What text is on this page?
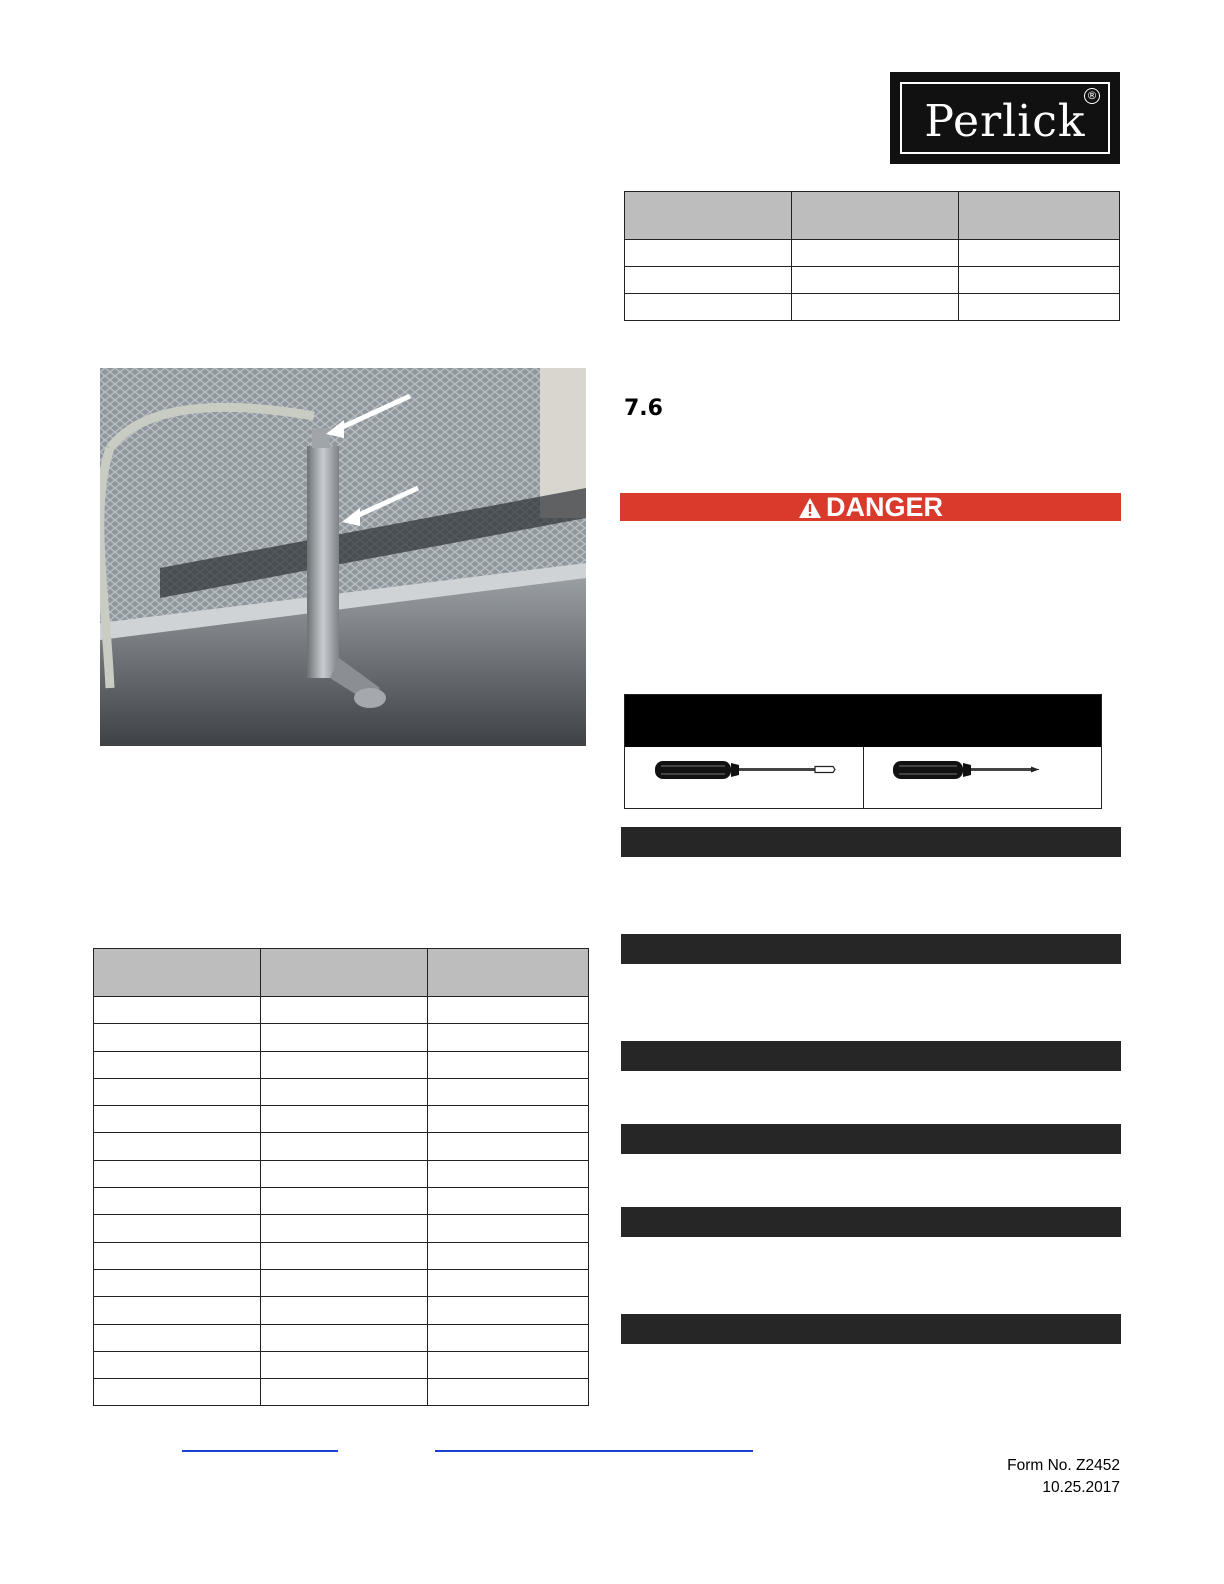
Perlick
®

7.6
DANGER

Form No. Z2452
10.25.2017
